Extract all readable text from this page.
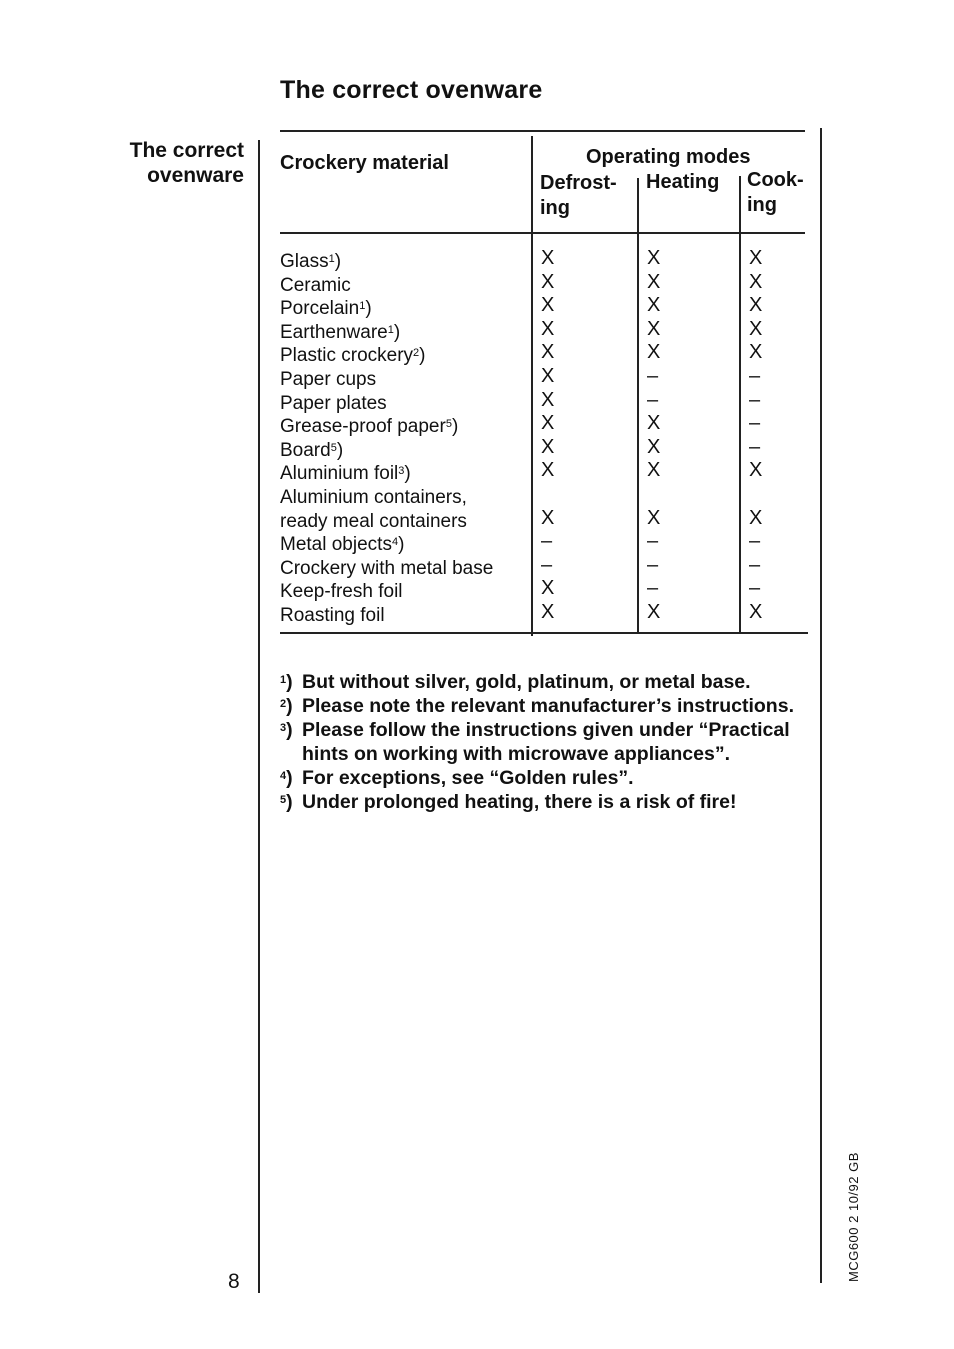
The correct ovenware
The correct
ovenware
Crockery material	Operating modes
Defrost-
ing
Heating Cook-
ing
Glass$^1$)	X	X	X
Ceramic	X	X	X
Porcelain$^1$)	X	X	X
Earthenware$^1$)	X	X	X
Plastic crockery$^2$)	X	X	X
Paper cups	X	–	–
Paper plates	X	–	–
Grease-proof paper$^5$)	X	X	–
Board$^5$)	X	X	–
Aluminium foil$^3$)	X	X	X
Aluminium containers,
ready meal containers	X	X	X
Metal objects$^4$)	–	–	–
Crockery with metal base –	–	–
Keep-fresh foil	X	–	–
Roasting foil	X	X	X
$^1$) But without silver, gold, platinum, or metal base.
$^2$) Please note the relevant manufacturer’s instructions.
$^3$) Please follow the instructions given under “Practical hints on working with microwave appliances”.
$^4$) For exceptions, see “Golden rules”.
$^5$) Under prolonged heating, there is a risk of fire!
8	MCG600 2 10/92 GB
